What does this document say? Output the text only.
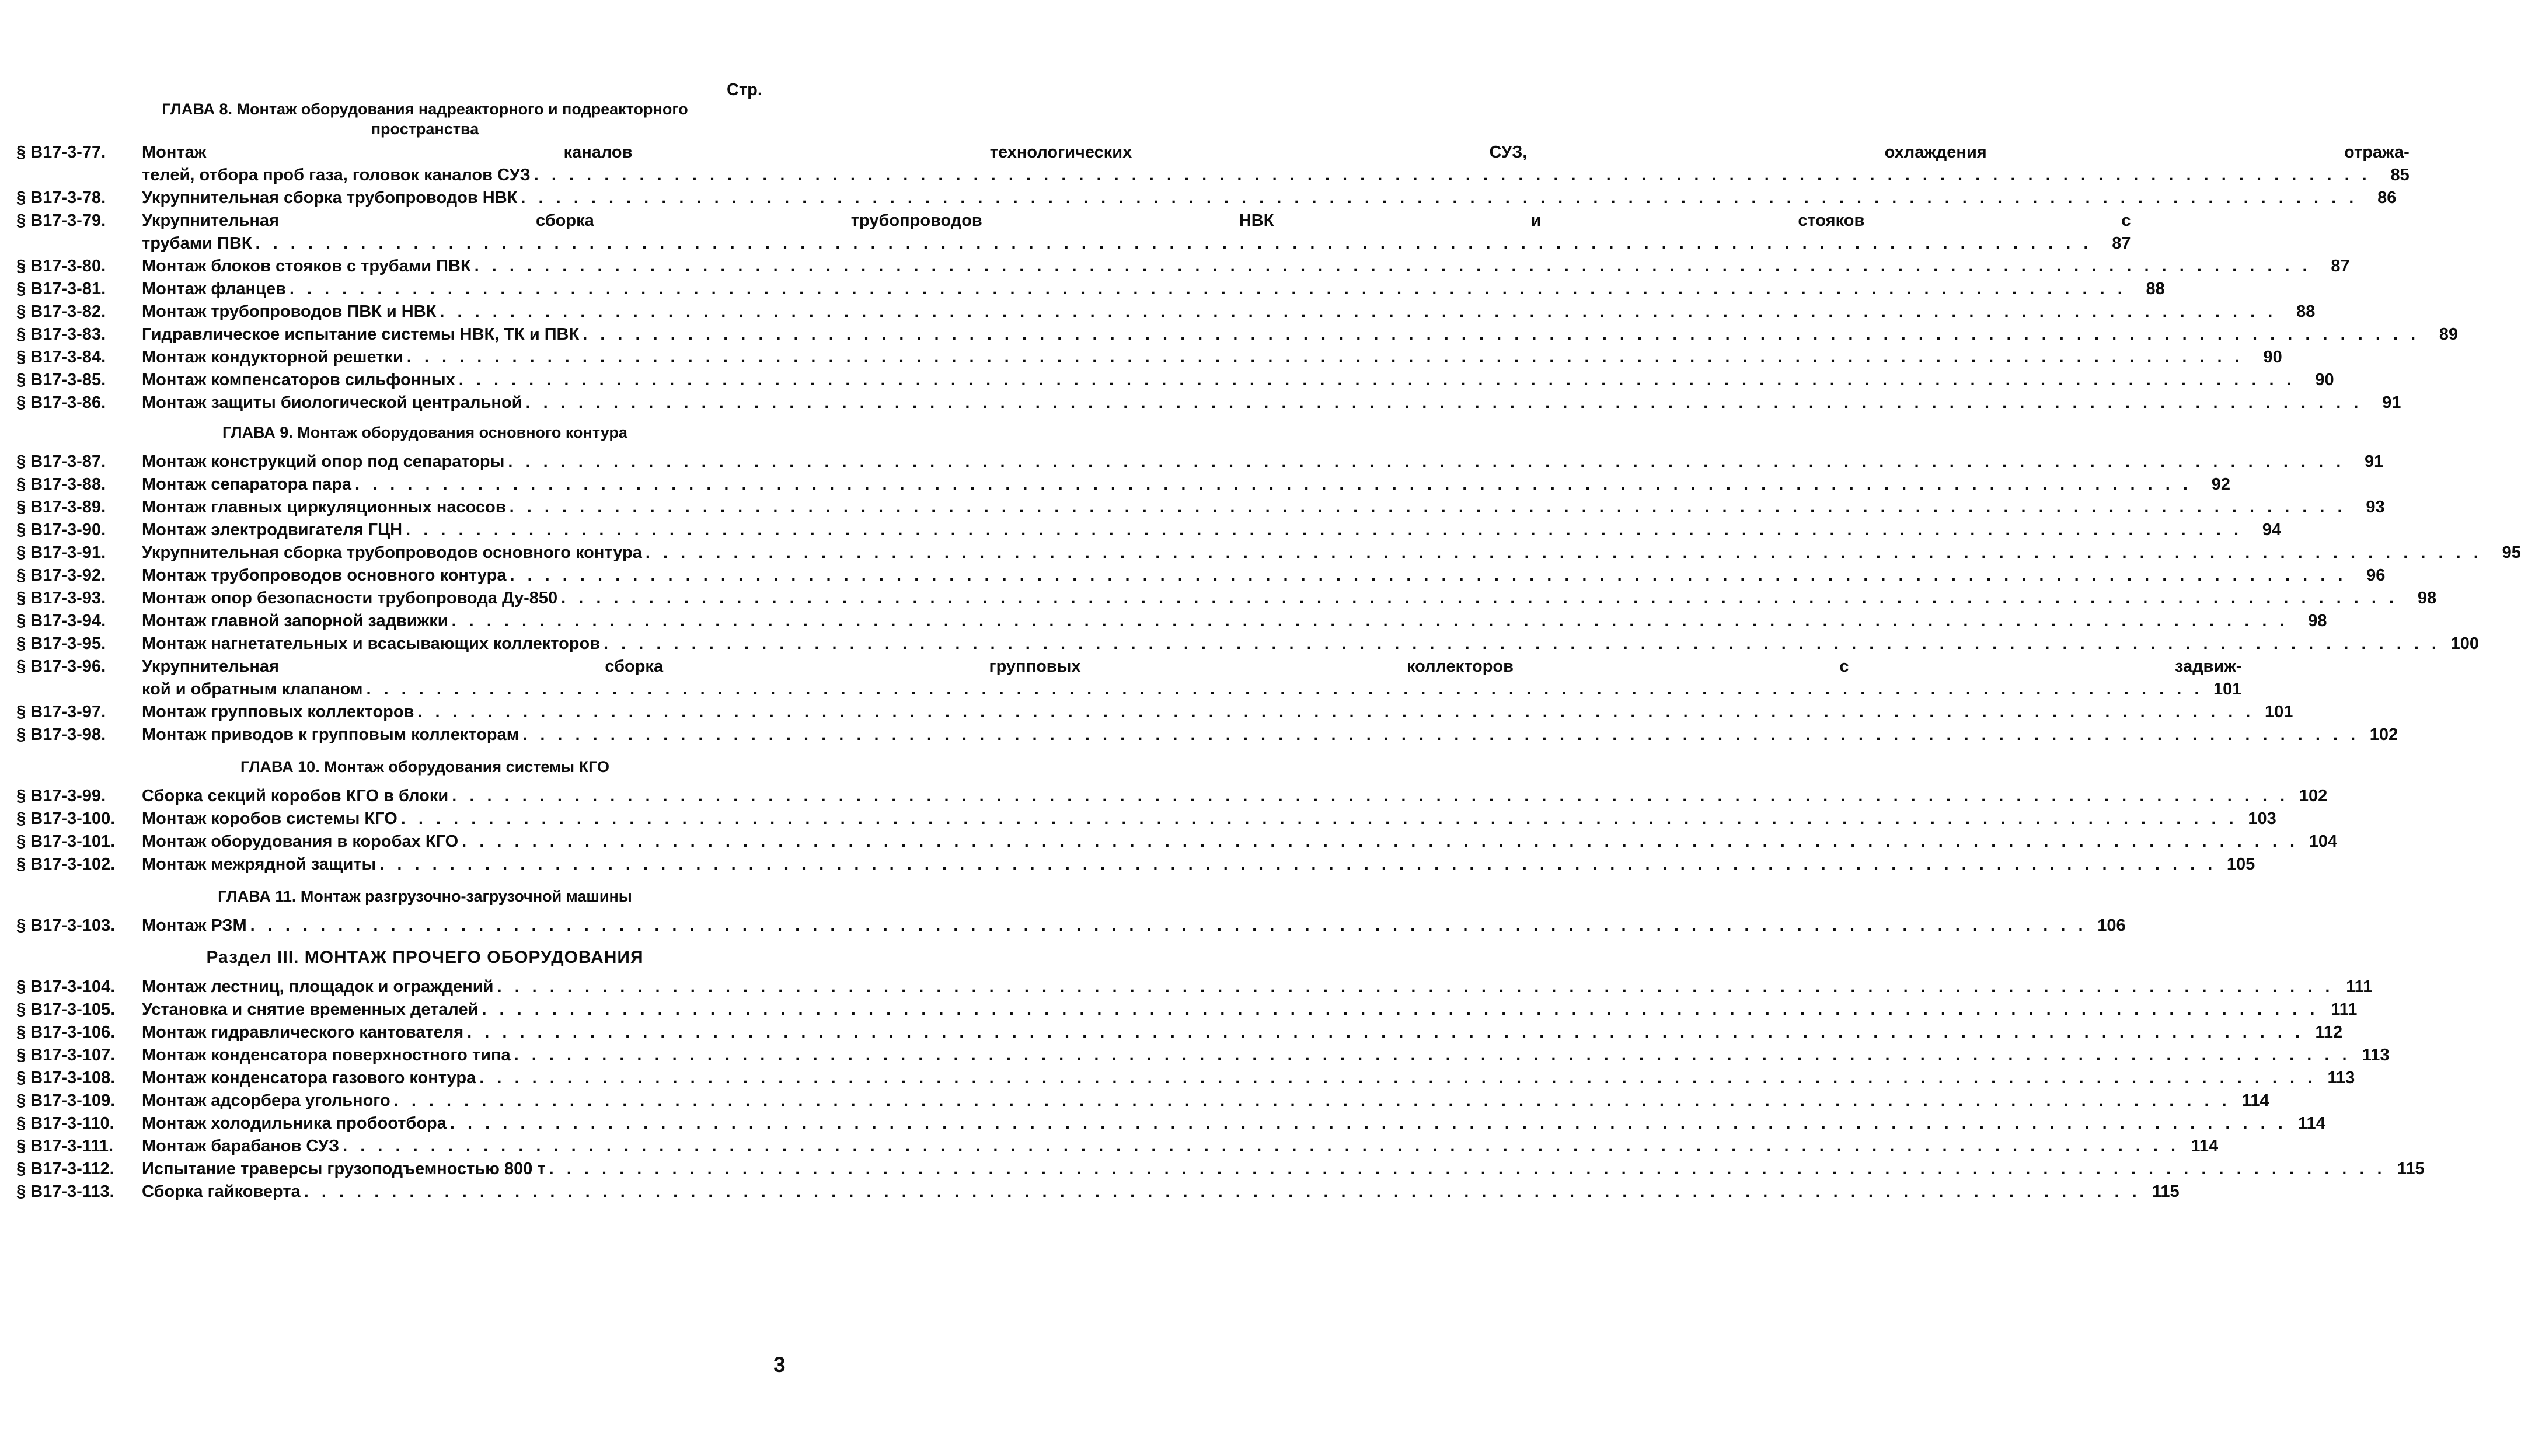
Стр.
ГЛАВА 8. Монтаж оборудования надреакторного и подреакторного
пространства
§ В17-3-77.	Монтаж каналов технологических СУЗ, охлаждения отража-
телей, отбора проб газа, головок каналов СУЗ . . .	85
§ В17-3-78.	Укрупнительная сборка трубопроводов НВК . . .	86
§ В17-3-79.	Укрупнительная сборка трубопроводов НВК и стояков с
трубами ПВК . . .	87
§ В17-3-80.	Монтаж блоков стояков с трубами ПВК . . .	87
§ В17-3-81.	Монтаж фланцев . . .	88
§ В17-3-82.	Монтаж трубопроводов ПВК и НВК . . .	88
§ В17-3-83.	Гидравлическое испытание системы НВК, ТК и ПВК . . .	89
§ В17-3-84.	Монтаж кондукторной решетки . . .	90
§ В17-3-85.	Монтаж компенсаторов сильфонных . . .	90
§ В17-3-86.	Монтаж защиты биологической центральной . . .	91
ГЛАВА 9. Монтаж оборудования основного контура
§ В17-3-87.	Монтаж конструкций опор под сепараторы . . .	91
§ В17-3-88.	Монтаж сепаратора пара . . .	92
§ В17-3-89.	Монтаж главных циркуляционных насосов . . .	93
§ В17-3-90.	Монтаж электродвигателя ГЦН . . .	94
§ В17-3-91.	Укрупнительная сборка трубопроводов основного контура . . .	95
§ В17-3-92.	Монтаж трубопроводов основного контура . . .	96
§ В17-3-93.	Монтаж опор безопасности трубопровода Ду-850 . . .	98
§ В17-3-94.	Монтаж главной запорной задвижки . . .	98
§ В17-3-95.	Монтаж нагнетательных и всасывающих коллекторов . . .	100
§ В17-3-96.	Укрупнительная сборка групповых коллекторов с задвиж-
кой и обратным клапаном . . .	101
§ В17-3-97.	Монтаж групповых коллекторов . . .	101
§ В17-3-98.	Монтаж приводов к групповым коллекторам . . .	102
ГЛАВА 10. Монтаж оборудования системы КГО
§ В17-3-99.	Сборка секций коробов КГО в блоки . . .	102
§ В17-3-100.	Монтаж коробов системы КГО . . .	103
§ В17-3-101.	Монтаж оборудования в коробах КГО . . .	104
§ В17-3-102.	Монтаж межрядной защиты . . .	105
ГЛАВА 11. Монтаж разгрузочно-загрузочной машины
§ В17-3-103.	Монтаж РЗМ . . .	106
Раздел III. МОНТАЖ ПРОЧЕГО ОБОРУДОВАНИЯ
§ В17-3-104.	Монтаж лестниц, площадок и ограждений . . .	111
§ В17-3-105.	Установка и снятие временных деталей . . .	111
§ В17-3-106.	Монтаж гидравлического кантователя . . .	112
§ В17-3-107.	Монтаж конденсатора поверхностного типа . . .	113
§ В17-3-108.	Монтаж конденсатора газового контура . . .	113
§ В17-3-109.	Монтаж адсорбера угольного . . .	114
§ В17-3-110.	Монтаж холодильника пробоотбора . . .	114
§ В17-3-111.	Монтаж барабанов СУЗ . . .	114
§ В17-3-112.	Испытание траверсы грузоподъемностью 800 т . . .	115
§ В17-3-113.	Сборка гайковерта . . .	115
3
